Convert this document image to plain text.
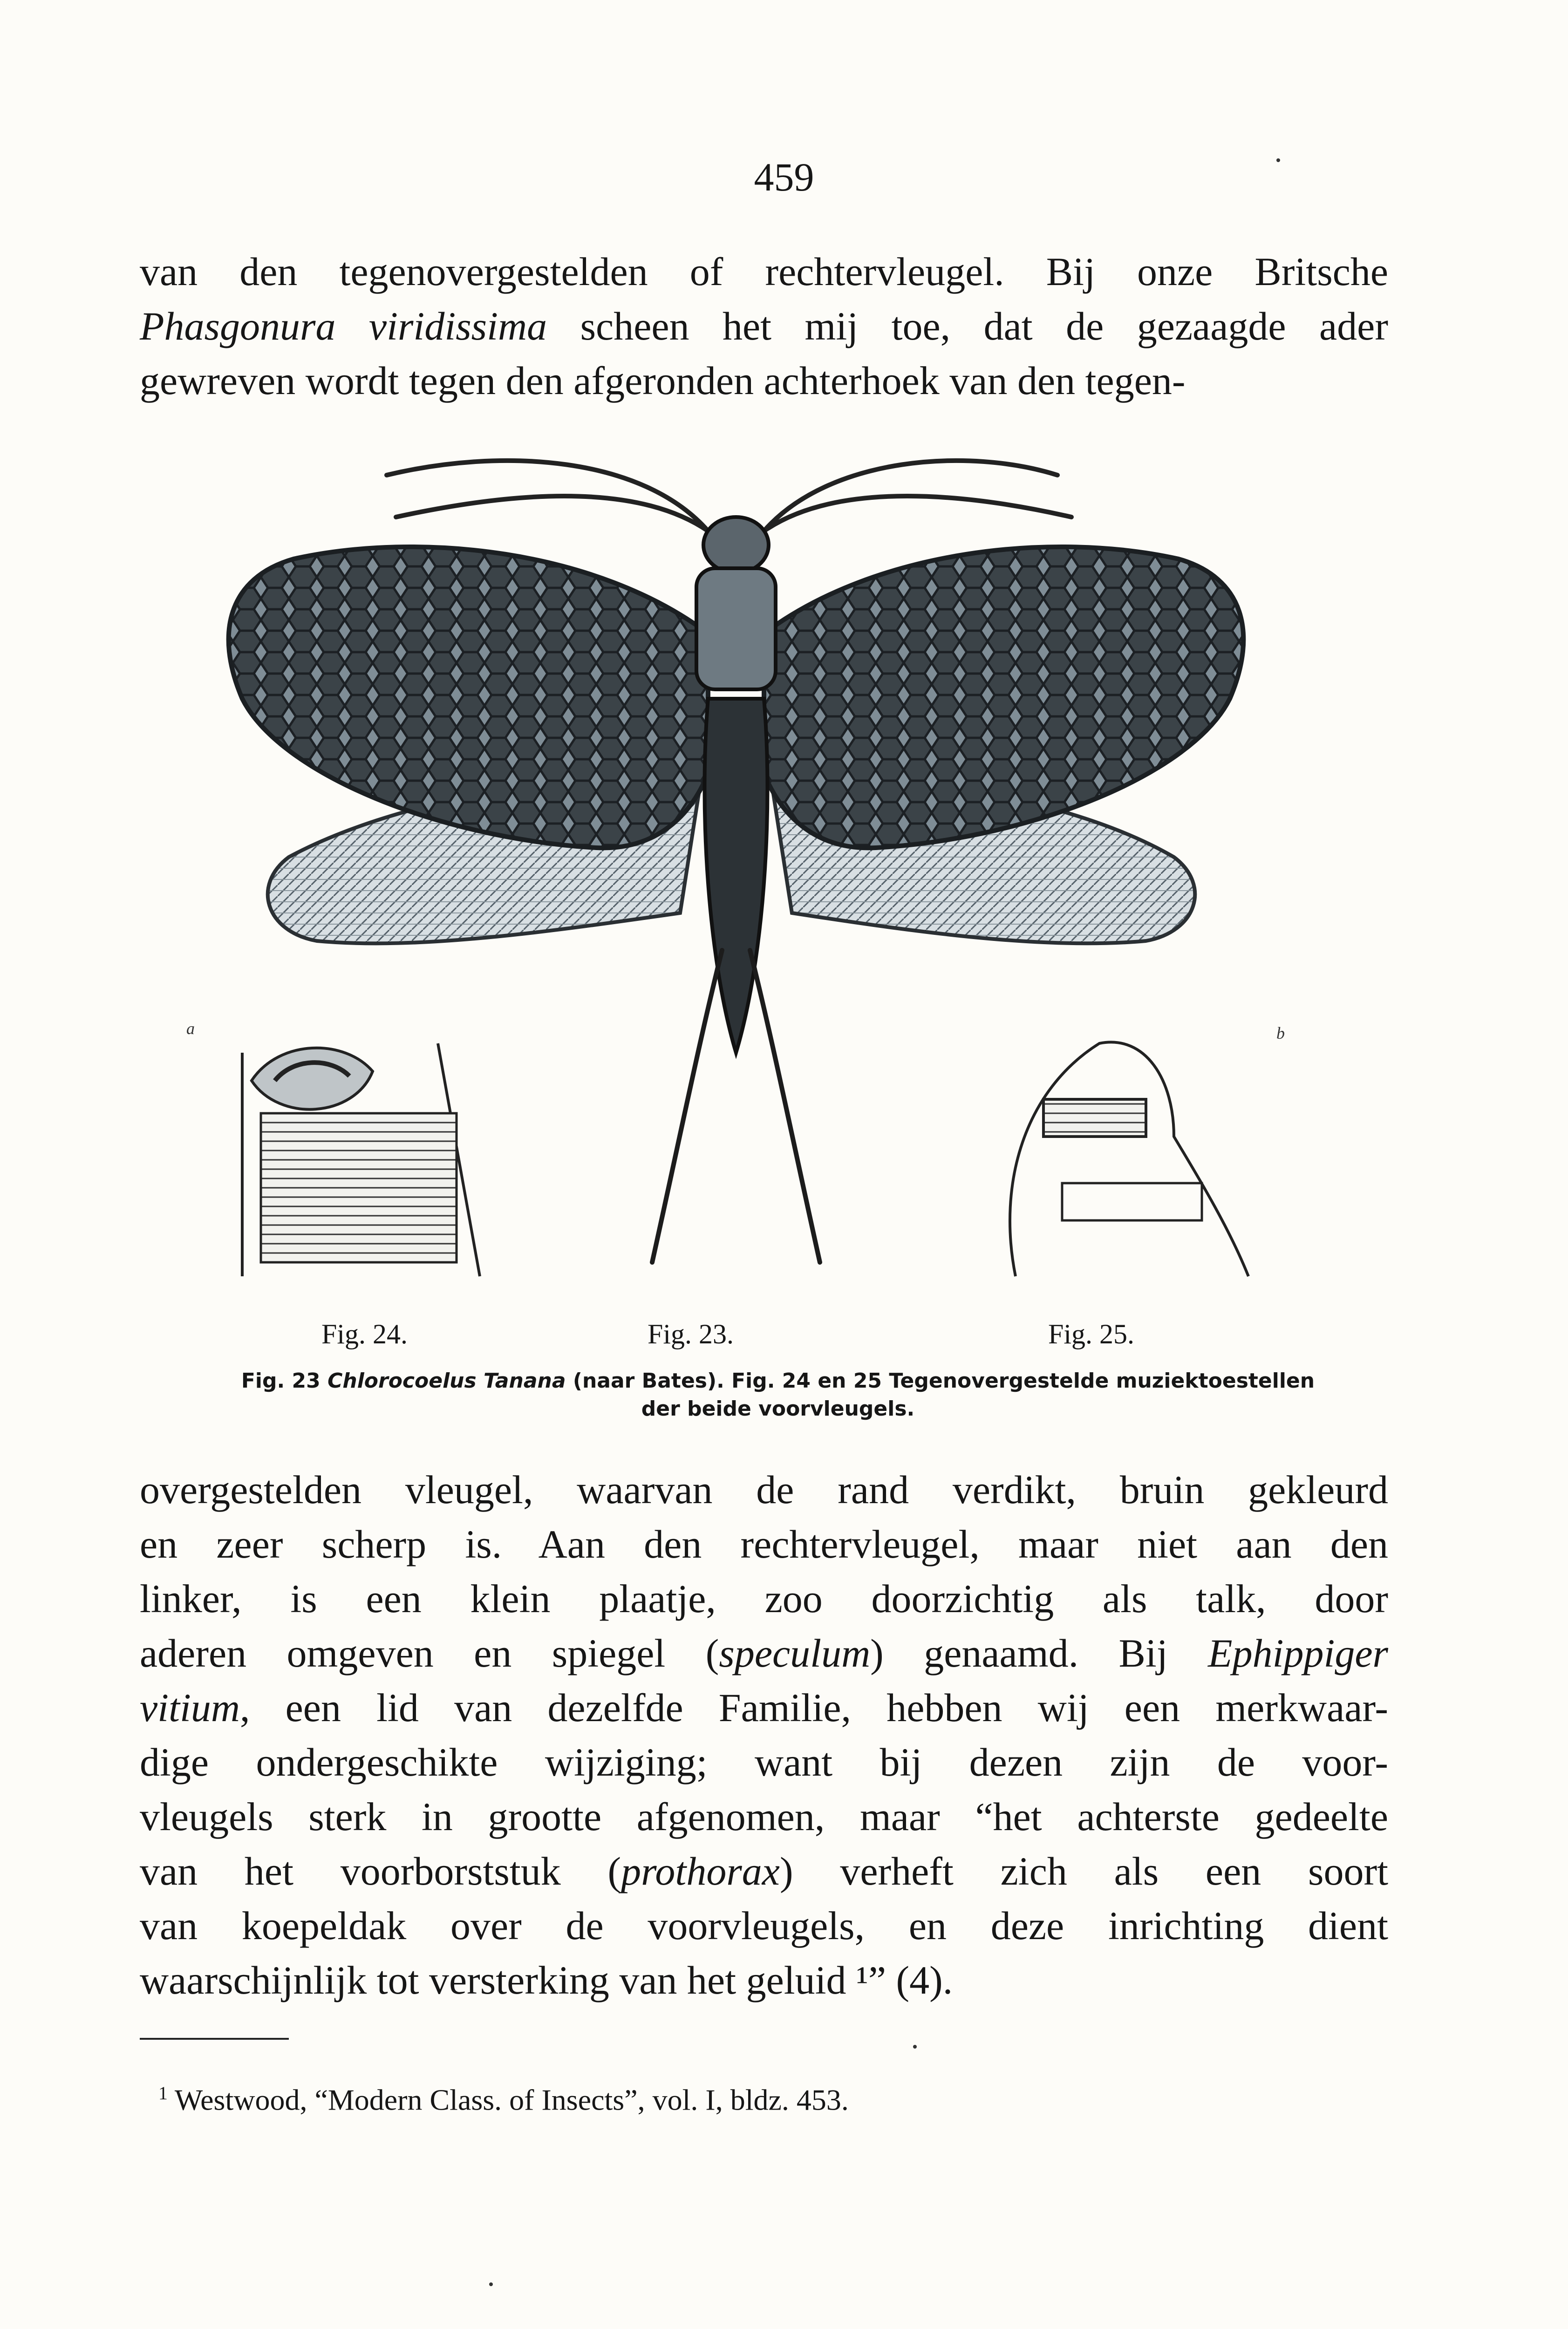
459

van den tegenovergestelden of rechtervleugel. Bij onze Britsche
Phasgonura viridissima scheen het mij toe, dat de gezaagde ader
gewreven wordt tegen den afgeronden achterhoek van den tegen-

a	b
Fig. 24.	Fig. 23.	Fig. 25.
Fig. 23 Chlorocoelus Tanana (naar Bates). Fig. 24 en 25 Tegenovergestelde muziektoestellen
der beide voorvleugels.

overgestelden vleugel, waarvan de rand verdikt, bruin gekleurd
en zeer scherp is. Aan den rechtervleugel, maar niet aan den
linker, is een klein plaatje, zoo doorzichtig als talk, door
aderen omgeven en spiegel (speculum) genaamd. Bij Ephippiger
vitium, een lid van dezelfde Familie, hebben wij een merkwaar-
dige ondergeschikte wijziging; want bij dezen zijn de voor-
vleugels sterk in grootte afgenomen, maar “het achterste gedeelte
van het voorborststuk (prothorax) verheft zich als een soort
van koepeldak over de voorvleugels, en deze inrichting dient
waarschijnlijk tot versterking van het geluid ¹” (4).

$^1$ Westwood, “Modern Class. of Insects”, vol. I, bldz. 453.
